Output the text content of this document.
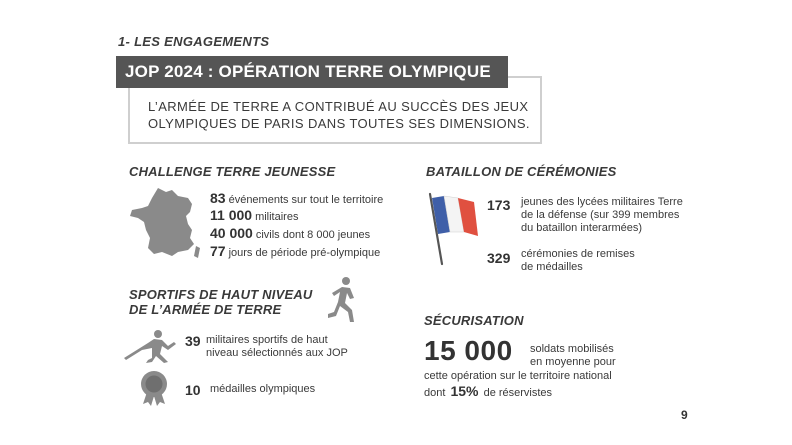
1- LES ENGAGEMENTS
JOP 2024 : OPÉRATION TERRE OLYMPIQUE
L’ARMÉE DE TERRE A CONTRIBUÉ AU SUCCÈS DES JEUX
OLYMPIQUES DE PARIS DANS TOUTES SES DIMENSIONS.
CHALLENGE TERRE JEUNESSE
83 événements sur tout le territoire
11 000 militaires
40 000 civils dont 8 000 jeunes
77 jours de période pré-olympique
SPORTIFS DE HAUT NIVEAU
DE L’ARMÉE DE TERRE
39 militaires sportifs de haut
niveau sélectionnés aux JOP
10 médailles olympiques
BATAILLON DE CÉRÉMONIES
173 jeunes des lycées militaires Terre
de la défense (sur 399 membres
du bataillon interarmées)
329 cérémonies de remises
de médailles
SÉCURISATION
15 000 soldats mobilisés
en moyenne pour
cette opération sur le territoire national
dont 15% de réservistes
9
